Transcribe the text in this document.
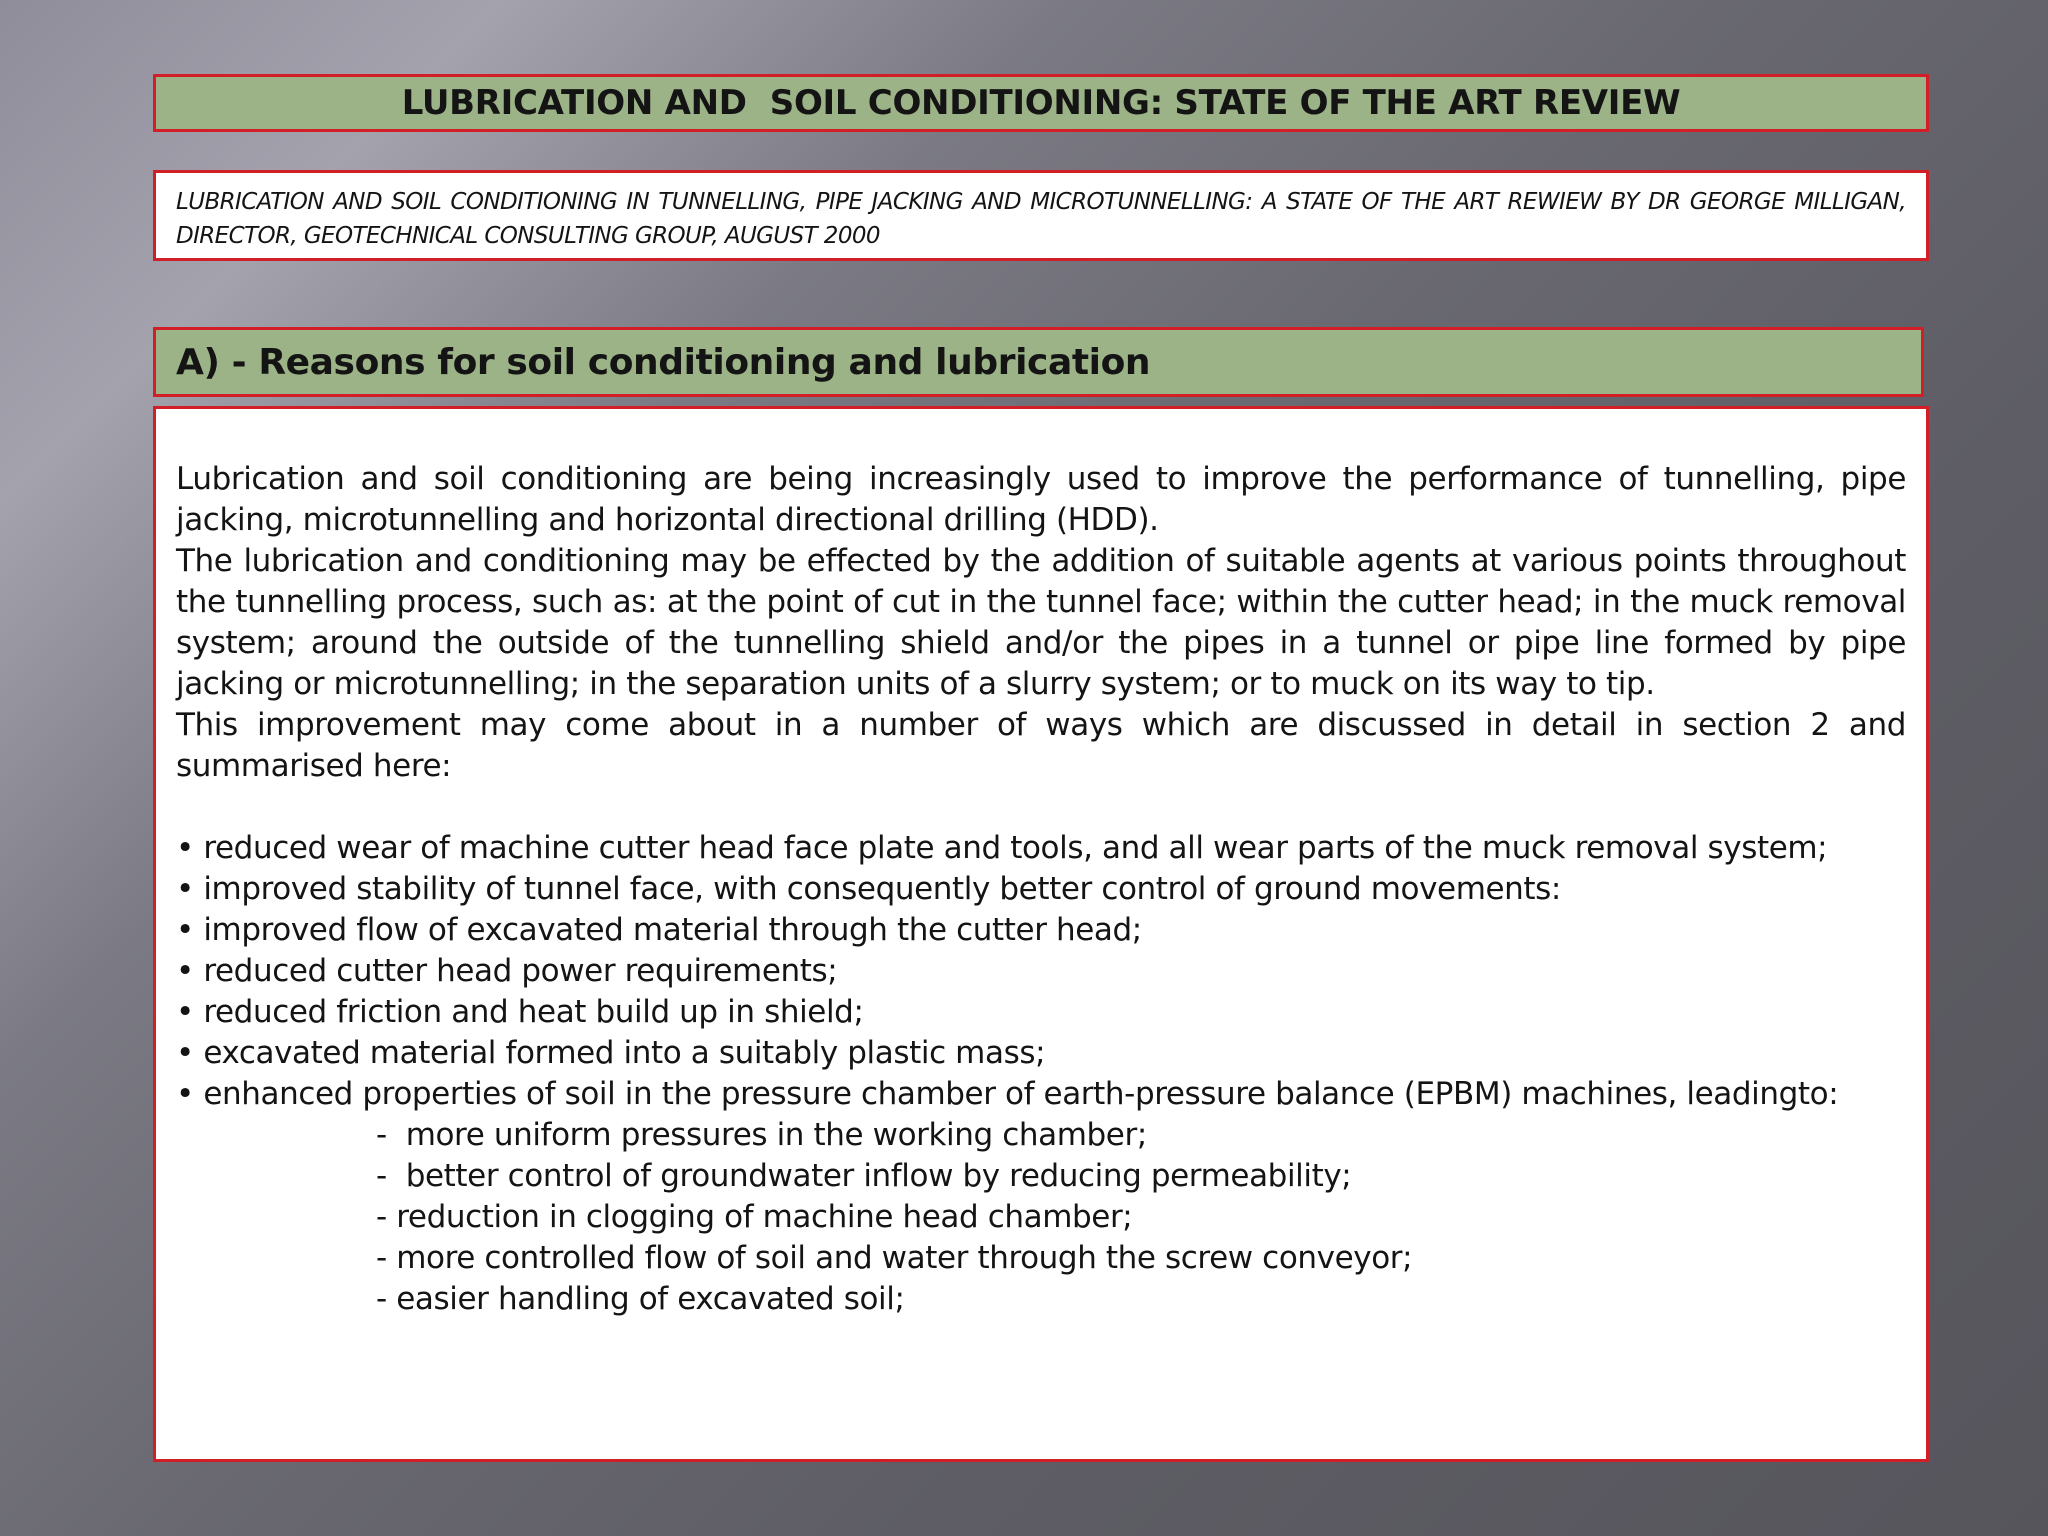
LUBRICATION AND  SOIL CONDITIONING: STATE OF THE ART REVIEW
LUBRICATION AND SOIL CONDITIONING IN TUNNELLING, PIPE JACKING AND MICROTUNNELLING: A STATE OF THE ART REWIEW BY DR GEORGE MILLIGAN, DIRECTOR, GEOTECHNICAL CONSULTING GROUP, AUGUST 2000
A) - Reasons for soil conditioning and lubrication

Lubrication and soil conditioning are being increasingly used to improve the performance of tunnelling, pipe jacking, microtunnelling and horizontal directional drilling (HDD).

The lubrication and conditioning may be effected by the addition of suitable agents at various points throughout the tunnelling process, such as: at the point of cut in the tunnel face; within the cutter head; in the muck removal system; around the outside of the tunnelling shield and/or the pipes in a tunnel or pipe line formed by pipe jacking or microtunnelling; in the separation units of a slurry system; or to muck on its way to tip.

This improvement may come about in a number of ways which are discussed in detail in section 2 and summarised here:

• reduced wear of machine cutter head face plate and tools, and all wear parts of the muck removal system;

• improved stability of tunnel face, with consequently better control of ground movements:

• improved flow of excavated material through the cutter head;

• reduced cutter head power requirements;

• reduced friction and heat build up in shield;

• excavated material formed into a suitably plastic mass;

• enhanced properties of soil in the pressure chamber of earth-pressure balance (EPBM) machines, leadingto:

-  more uniform pressures in the working chamber;

-  better control of groundwater inflow by reducing permeability;

- reduction in clogging of machine head chamber;

- more controlled flow of soil and water through the screw conveyor;

- easier handling of excavated soil;
